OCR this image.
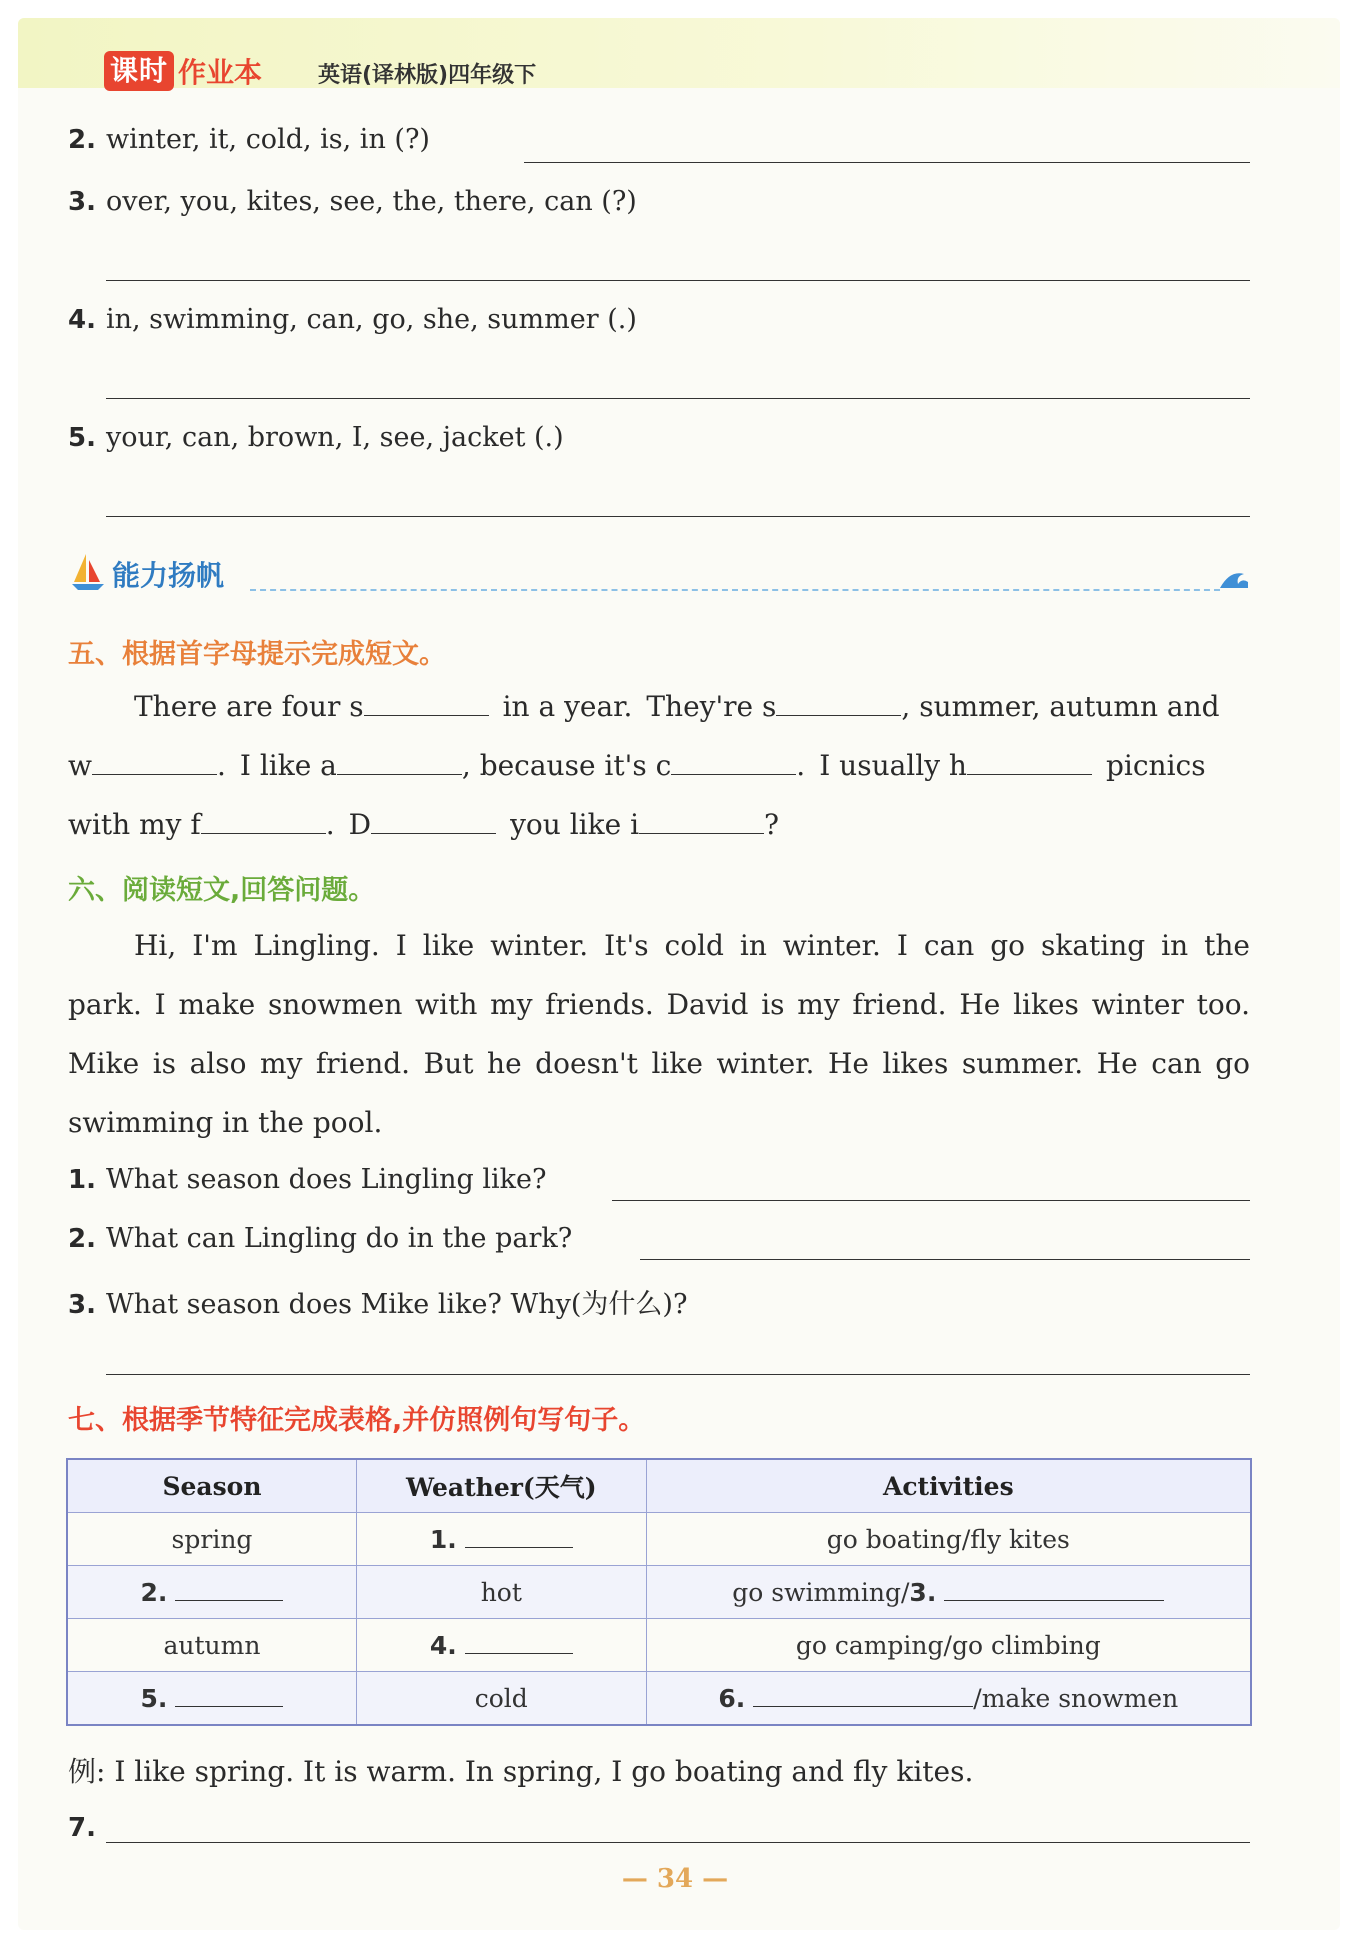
课时 作业本	英语(译林版)四年级下
2. winter, it, cold, is, in (?)
3. over, you, kites, see, the, there, can (?)
4. in, swimming, can, go, she, summer (.)
5. your, can, brown, I, see, jacket (.)
能力扬帆
五、根据首字母提示完成短文。
There are four s	in a year. They're s	, summer, autumn and
w	. I like a	, because it's c	. I usually h	picnics
with my f	. D	you like i	?
六、阅读短文,回答问题。
Hi, I'm Lingling. I like winter. It's cold in winter. I can go skating in the
park. I make snowmen with my friends. David is my friend. He likes winter too.
Mike is also my friend. But he doesn't like winter. He likes summer. He can go
swimming in the pool.
1. What season does Lingling like?
2. What can Lingling do in the park?
3. What season does Mike like? Why(为什么)?
七、根据季节特征完成表格,并仿照例句写句子。
Season	Weather(天气)	Activities
spring	1.	go boating/fly kites
2.	hot	go swimming/3.
autumn	4.	go camping/go climbing
5.	cold	6. /make snowmen
例: I like spring. It is warm. In spring, I go boating and fly kites.
7.
— 34 —
